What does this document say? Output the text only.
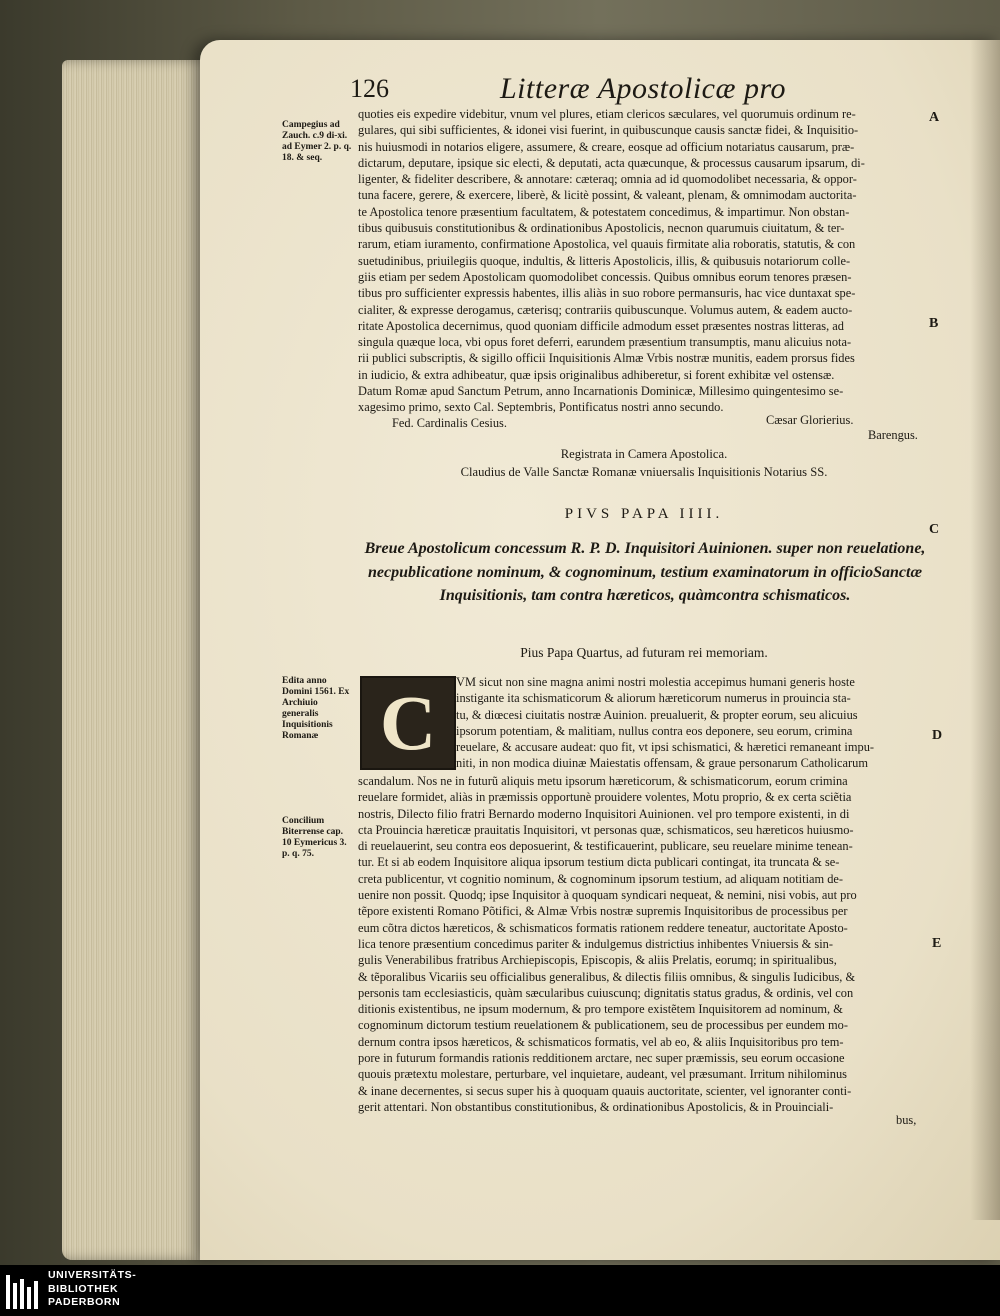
126	Litteræ Apostolicæ pro
A
B
C
D
E
Campegius ad Zauch. c.9 di-xi. ad Eymer 2. p. q. 18. & seq.
Edita anno Domini 1561. Ex Archiuio generalis Inquisitionis Romanæ
Concilium Biterrense cap. 10 Eymericus 3. p. q. 75.
quoties eis expedire videbitur, vnum vel plures, etiam clericos sæculares, vel quorumuis ordinum re-
gulares, qui sibi sufficientes, & idonei visi fuerint, in quibuscunque causis sanctæ fidei, & Inquisitio-
nis huiusmodi in notarios eligere, assumere, & creare, eosque ad officium notariatus causarum, præ-
dictarum, deputare, ipsique sic electi, & deputati, acta quæcunque, & processus causarum ipsarum, di-
ligenter, & fideliter describere, & annotare: cæteraq; omnia ad id quomodolibet necessaria, & oppor-
tuna facere, gerere, & exercere, liberè, & licitè possint, & valeant, plenam, & omnimodam auctorita-
te Apostolica tenore præsentium facultatem, & potestatem concedimus, & impartimur. Non obstan-
tibus quibusuis constitutionibus & ordinationibus Apostolicis, necnon quarumuis ciuitatum, & ter-
rarum, etiam iuramento, confirmatione Apostolica, vel quauis firmitate alia roboratis, statutis, & con
suetudinibus, priuilegiis quoque, indultis, & litteris Apostolicis, illis, & quibusuis notariorum colle-
giis etiam per sedem Apostolicam quomodolibet concessis. Quibus omnibus eorum tenores præsen-
tibus pro sufficienter expressis habentes, illis aliàs in suo robore permansuris, hac vice duntaxat spe-
cialiter, & expresse derogamus, cæterisq; contrariis quibuscunque. Volumus autem, & eadem aucto-
ritate Apostolica decernimus, quod quoniam difficile admodum esset præsentes nostras litteras, ad
singula quæque loca, vbi opus foret deferri, earundem præsentium transumptis, manu alicuius nota-
rii publici subscriptis, & sigillo officii Inquisitionis Almæ Vrbis nostræ munitis, eadem prorsus fides
in iudicio, & extra adhibeatur, quæ ipsis originalibus adhiberetur, si forent exhibitæ vel ostensæ.
Datum Romæ apud Sanctum Petrum, anno Incarnationis Dominicæ, Millesimo quingentesimo se-
xagesimo primo, sexto Cal. Septembris, Pontificatus nostri anno secundo.
Fed. Cardinalis Cesius.	Cæsar Glorierius.
Barengus.
Registrata in Camera Apostolica.
Claudius de Valle Sanctæ Romanæ vniuersalis Inquisitionis Notarius SS.
PIVS PAPA IIII.
Breue Apostolicum concessum R. P. D. Inquisitori Auinionen. super non reuelatione, necpublicatione nominum, & cognominum, testium examinatorum in officioSanctæ Inquisitionis, tam contra hæreticos, quàmcontra schismaticos.
Pius Papa Quartus, ad futuram rei memoriam.
C	VM sicut non sine magna animi nostri molestia accepimus humani generis hoste
instigante ita schismaticorum & aliorum hæreticorum numerus in prouincia sta-
tu, & diœcesi ciuitatis nostræ Auinion. preualuerit, & propter eorum, seu alicuius
ipsorum potentiam, & malitiam, nullus contra eos deponere, seu eorum, crimina
reuelare, & accusare audeat: quo fit, vt ipsi schismatici, & hæretici remaneant impu-
niti, in non modica diuinæ Maiestatis offensam, & graue personarum Catholicarum
scandalum. Nos ne in futurũ aliquis metu ipsorum hæreticorum, & schismaticorum, eorum crimina
reuelare formidet, aliàs in præmissis opportunè prouidere volentes, Motu proprio, & ex certa sciẽtia
nostris, Dilecto filio fratri Bernardo moderno Inquisitori Auinionen. vel pro tempore existenti, in di
cta Prouincia hæreticæ prauitatis Inquisitori, vt personas quæ, schismaticos, seu hæreticos huiusmo-
di reuelauerint, seu contra eos deposuerint, & testificauerint, publicare, seu reuelare minime tenean-
tur. Et si ab eodem Inquisitore aliqua ipsorum testium dicta publicari contingat, ita truncata & se-
creta publicentur, vt cognitio nominum, & cognominum ipsorum testium, ad aliquam notitiam de-
uenire non possit. Quodq; ipse Inquisitor à quoquam syndicari nequeat, & nemini, nisi vobis, aut pro
tẽpore existenti Romano Põtifici, & Almæ Vrbis nostræ supremis Inquisitoribus de processibus per
eum cõtra dictos hæreticos, & schismaticos formatis rationem reddere teneatur, auctoritate Aposto-
lica tenore præsentium concedimus pariter & indulgemus districtius inhibentes Vniuersis & sin-
gulis Venerabilibus fratribus Archiepiscopis, Episcopis, & aliis Prelatis, eorumq; in spiritualibus,
& tẽporalibus Vicariis seu officialibus generalibus, & dilectis filiis omnibus, & singulis Iudicibus, &
personis tam ecclesiasticis, quàm sæcularibus cuiuscunq; dignitatis status gradus, & ordinis, vel con
ditionis existentibus, ne ipsum modernum, & pro tempore existẽtem Inquisitorem ad nominum, &
cognominum dictorum testium reuelationem & publicationem, seu de processibus per eundem mo-
dernum contra ipsos hæreticos, & schismaticos formatis, vel ab eo, & aliis Inquisitoribus pro tem-
pore in futurum formandis rationis redditionem arctare, nec super præmissis, seu eorum occasione
quouis prætextu molestare, perturbare, vel inquietare, audeant, vel præsumant. Irritum nihilominus
& inane decernentes, si secus super his à quoquam quauis auctoritate, scienter, vel ignoranter conti-
gerit attentari. Non obstantibus constitutionibus, & ordinationibus Apostolicis, & in Prouinciali-
bus,
UNIVERSITÄTS-
BIBLIOTHEK
PADERBORN
